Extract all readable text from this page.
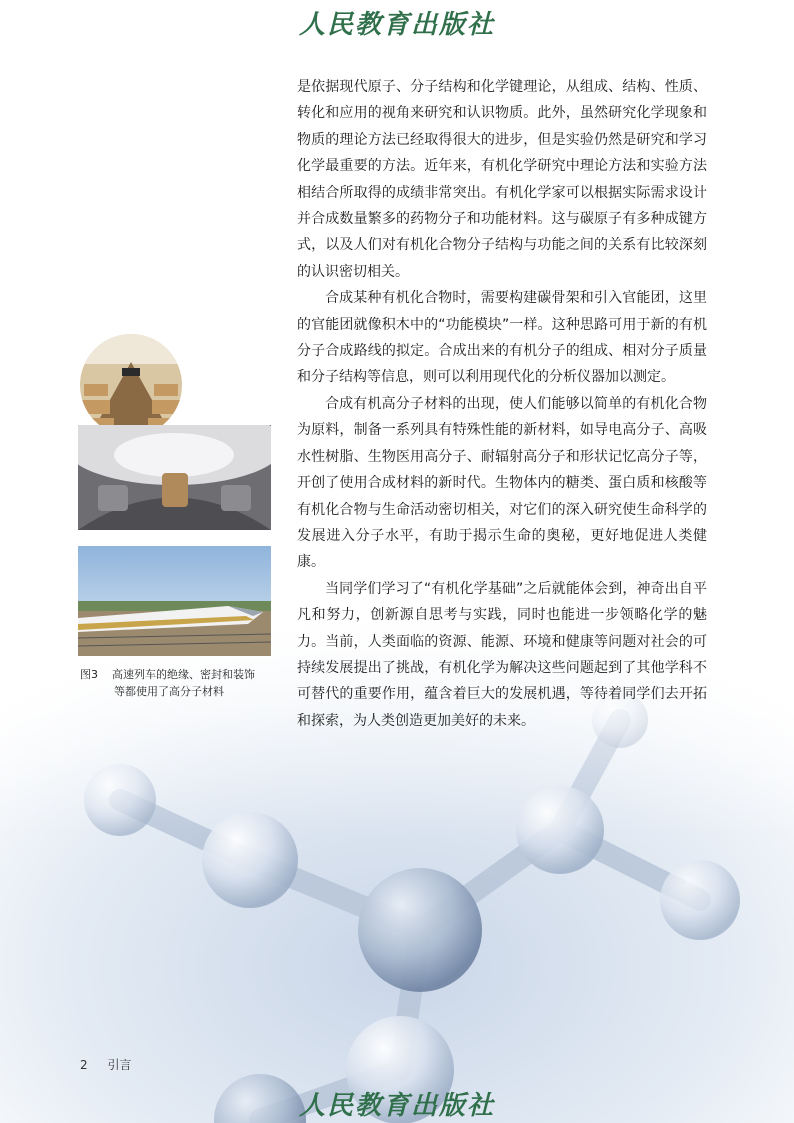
人民教育出版社

是依据现代原子、分子结构和化学键理论，从组成、结构、性质、转化和应用的视角来研究和认识物质。此外，虽然研究化学现象和物质的理论方法已经取得很大的进步，但是实验仍然是研究和学习化学最重要的方法。近年来，有机化学研究中理论方法和实验方法相结合所取得的成绩非常突出。有机化学家可以根据实际需求设计并合成数量繁多的药物分子和功能材料。这与碳原子有多种成键方式，以及人们对有机化合物分子结构与功能之间的关系有比较深刻的认识密切相关。

合成某种有机化合物时，需要构建碳骨架和引入官能团，这里的官能团就像积木中的“功能模块”一样。这种思路可用于新的有机分子合成路线的拟定。合成出来的有机分子的组成、相对分子质量和分子结构等信息，则可以利用现代化的分析仪器加以测定。

合成有机高分子材料的出现，使人们能够以简单的有机化合物为原料，制备一系列具有特殊性能的新材料，如导电高分子、高吸水性树脂、生物医用高分子、耐辐射高分子和形状记忆高分子等，开创了使用合成材料的新时代。生物体内的糖类、蛋白质和核酸等有机化合物与生命活动密切相关，对它们的深入研究使生命科学的发展进入分子水平，有助于揭示生命的奥秘，更好地促进人类健康。

当同学们学习了“有机化学基础”之后就能体会到，神奇出自平凡和努力，创新源自思考与实践，同时也能进一步领略化学的魅力。当前，人类面临的资源、能源、环境和健康等问题对社会的可持续发展提出了挑战，有机化学为解决这些问题起到了其他学科不可替代的重要作用，蕴含着巨大的发展机遇，等待着同学们去开拓和探索，为人类创造更加美好的未来。

图3 高速列车的绝缘、密封和装饰
等都使用了高分子材料
2 引言
人民教育出版社
